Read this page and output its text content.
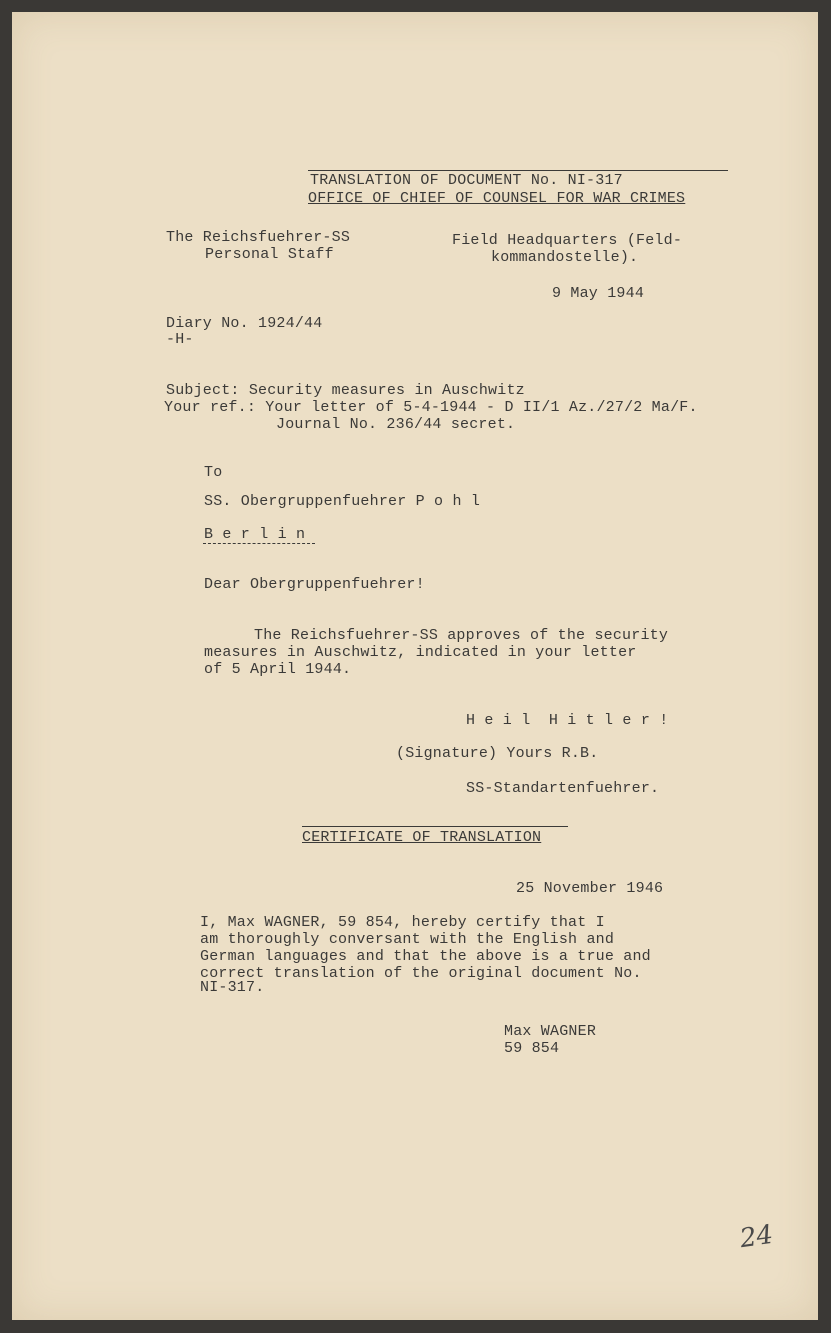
TRANSLATION OF DOCUMENT No. NI-317
OFFICE OF CHIEF OF COUNSEL FOR WAR CRIMES
The Reichsfuehrer-SS
Personal Staff
Field Headquarters (Feld-
kommandostelle).
9 May 1944
Diary No. 1924/44
-H-
Subject: Security measures in Auschwitz
Your ref.: Your letter of 5-4-1944 - D II/1 Az./27/2 Ma/F.
Journal No. 236/44 secret.
To
SS. Obergruppenfuehrer P o h l
B e r l i n
Dear Obergruppenfuehrer!
The Reichsfuehrer-SS approves of the security
measures in Auschwitz, indicated in your letter
of 5 April 1944.
H e i l  H i t l e r !
(Signature) Yours R.B.
SS-Standartenfuehrer.
CERTIFICATE OF TRANSLATION
25 November 1946
I, Max WAGNER, 59 854, hereby certify that I
am thoroughly conversant with the English and
German languages and that the above is a true and
correct translation of the original document No.
NI-317.
Max WAGNER
59 854
24
